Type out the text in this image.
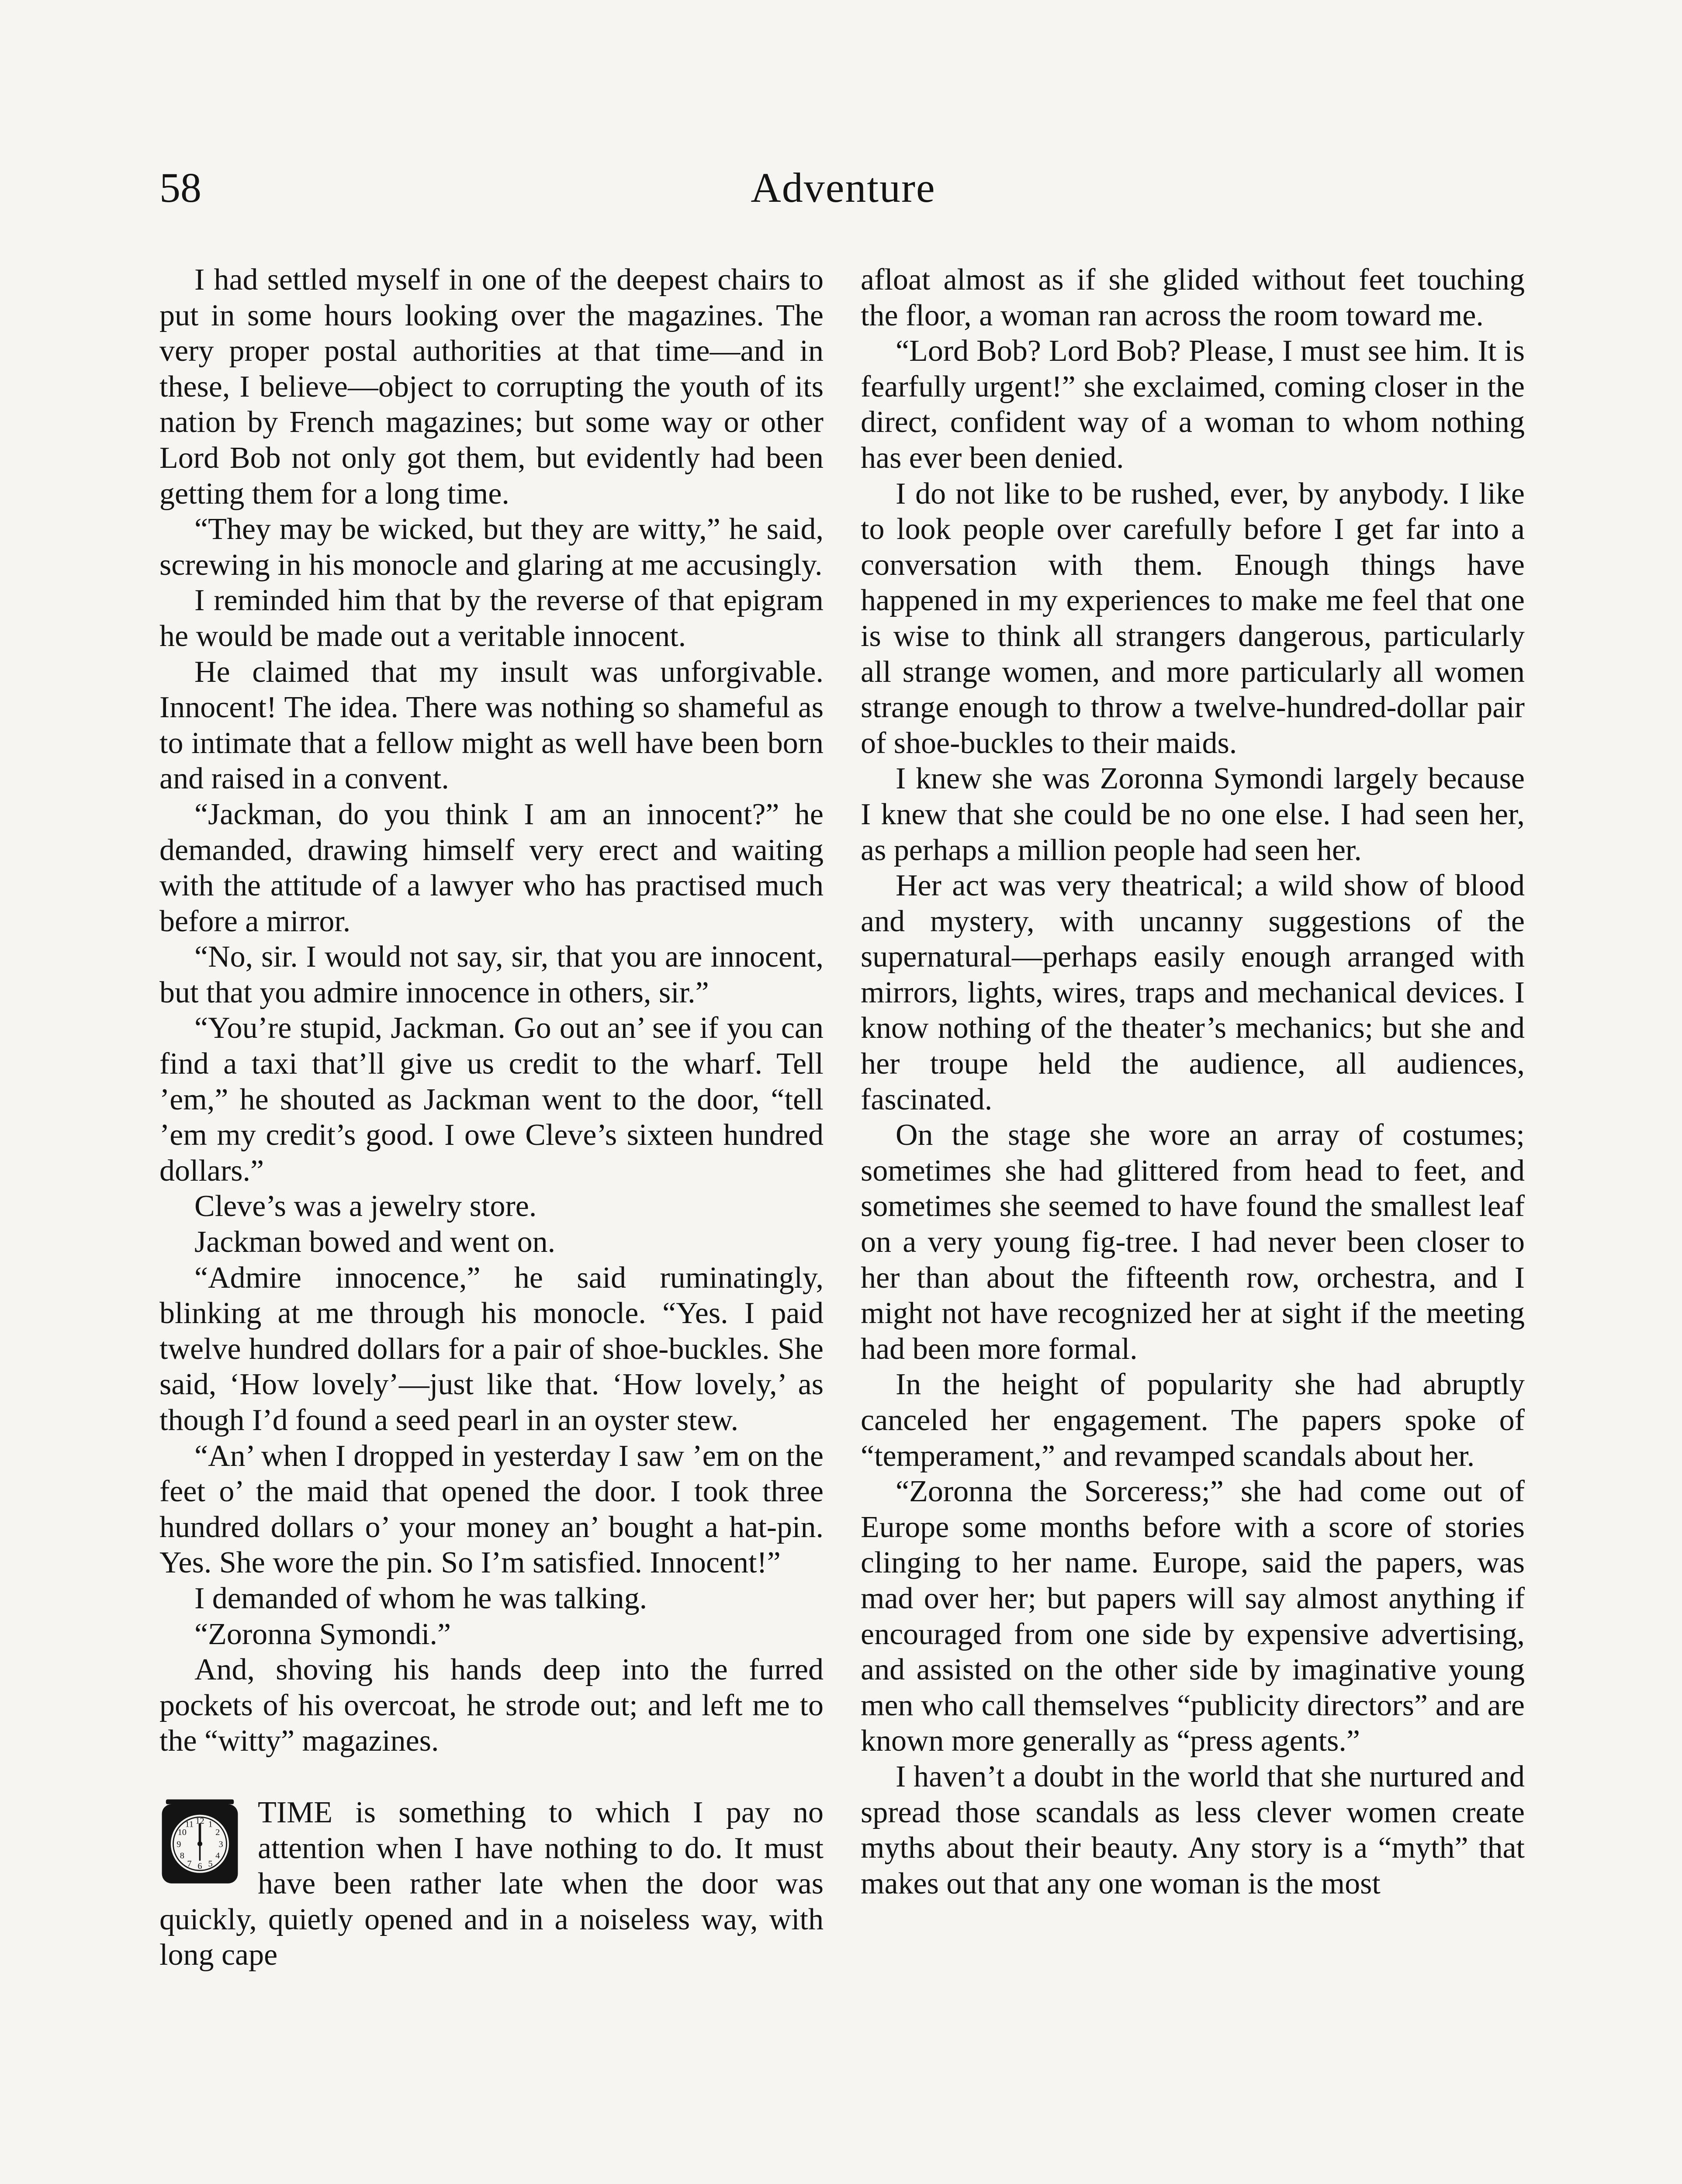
58	Adventure

I had settled myself in one of the deepest chairs to put in some hours looking over the magazines. The very proper postal authorities at that time—and in these, I believe—object to corrupting the youth of its nation by French magazines; but some way or other Lord Bob not only got them, but evidently had been getting them for a long time.

“They may be wicked, but they are witty,” he said, screwing in his monocle and glaring at me accusingly.

I reminded him that by the reverse of that epigram he would be made out a veritable innocent.

He claimed that my insult was unforgivable. Innocent! The idea. There was nothing so shameful as to intimate that a fellow might as well have been born and raised in a convent.

“Jackman, do you think I am an innocent?” he demanded, drawing himself very erect and waiting with the attitude of a lawyer who has practised much before a mirror.

“No, sir. I would not say, sir, that you are innocent, but that you admire innocence in others, sir.”

“You’re stupid, Jackman. Go out an’ see if you can find a taxi that’ll give us credit to the wharf. Tell ’em,” he shouted as Jackman went to the door, “tell ’em my credit’s good. I owe Cleve’s sixteen hundred dollars.”

Cleve’s was a jewelry store.

Jackman bowed and went on.

“Admire innocence,” he said ruminatingly, blinking at me through his monocle. “Yes. I paid twelve hundred dollars for a pair of shoe-buckles. She said, ‘How lovely’—just like that. ‘How lovely,’ as though I’d found a seed pearl in an oyster stew.

“An’ when I dropped in yesterday I saw ’em on the feet o’ the maid that opened the door. I took three hundred dollars o’ your money an’ bought a hat-pin. Yes. She wore the pin. So I’m satisfied. Innocent!”

I demanded of whom he was talking.

“Zoronna Symondi.”

And, shoving his hands deep into the furred pockets of his overcoat, he strode out; and left me to the “witty” magazines.

12 1
2
3
4
5
6
7
8
9
10
11	TIME is something to which I pay no attention when I have nothing to do. It must have been rather late when the door was quickly, quietly opened and in a noiseless way, with long cape

afloat almost as if she glided without feet touching the floor, a woman ran across the room toward me.

“Lord Bob? Lord Bob? Please, I must see him. It is fearfully urgent!” she exclaimed, coming closer in the direct, confident way of a woman to whom nothing has ever been denied.

I do not like to be rushed, ever, by anybody. I like to look people over carefully before I get far into a conversation with them. Enough things have happened in my experiences to make me feel that one is wise to think all strangers dangerous, particularly all strange women, and more particularly all women strange enough to throw a twelve-hundred-dollar pair of shoe-buckles to their maids.

I knew she was Zoronna Symondi largely because I knew that she could be no one else. I had seen her, as perhaps a million people had seen her.

Her act was very theatrical; a wild show of blood and mystery, with uncanny suggestions of the supernatural—perhaps easily enough arranged with mirrors, lights, wires, traps and mechanical devices. I know nothing of the theater’s mechanics; but she and her troupe held the audience, all audiences, fascinated.

On the stage she wore an array of costumes; sometimes she had glittered from head to feet, and sometimes she seemed to have found the smallest leaf on a very young fig-tree. I had never been closer to her than about the fifteenth row, orchestra, and I might not have recognized her at sight if the meeting had been more formal.

In the height of popularity she had abruptly canceled her engagement. The papers spoke of “temperament,” and revamped scandals about her.

“Zoronna the Sorceress;” she had come out of Europe some months before with a score of stories clinging to her name. Europe, said the papers, was mad over her; but papers will say almost anything if encouraged from one side by expensive advertising, and assisted on the other side by imaginative young men who call themselves “publicity directors” and are known more generally as “press agents.”

I haven’t a doubt in the world that she nurtured and spread those scandals as less clever women create myths about their beauty. Any story is a “myth” that makes out that any one woman is the most
